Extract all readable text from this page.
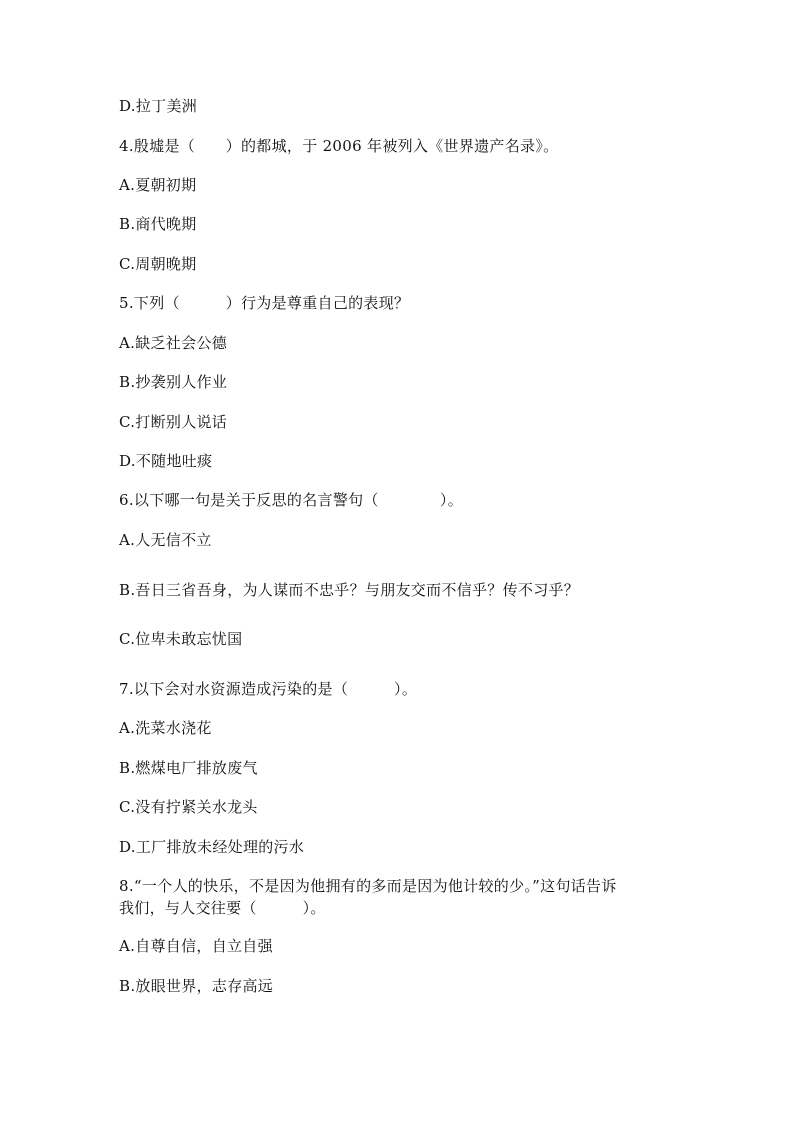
D.拉丁美洲
4.殷墟是（　　）的都城，于 2006 年被列入《世界遗产名录》。
A.夏朝初期
B.商代晚期
C.周朝晚期
5.下列（　　　）行为是尊重自己的表现？
A.缺乏社会公德
B.抄袭别人作业
C.打断别人说话
D.不随地吐痰
6.以下哪一句是关于反思的名言警句（　　　　）。
A.人无信不立
B.吾日三省吾身，为人谋而不忠乎？与朋友交而不信乎？传不习乎？
C.位卑未敢忘忧国
7.以下会对水资源造成污染的是（　　　）。
A.洗菜水浇花
B.燃煤电厂排放废气
C.没有拧紧关水龙头
D.工厂排放未经处理的污水
8.“一个人的快乐，不是因为他拥有的多而是因为他计较的少。”这句话告诉
我们，与人交往要（　　　）。
A.自尊自信，自立自强
B.放眼世界，志存高远
